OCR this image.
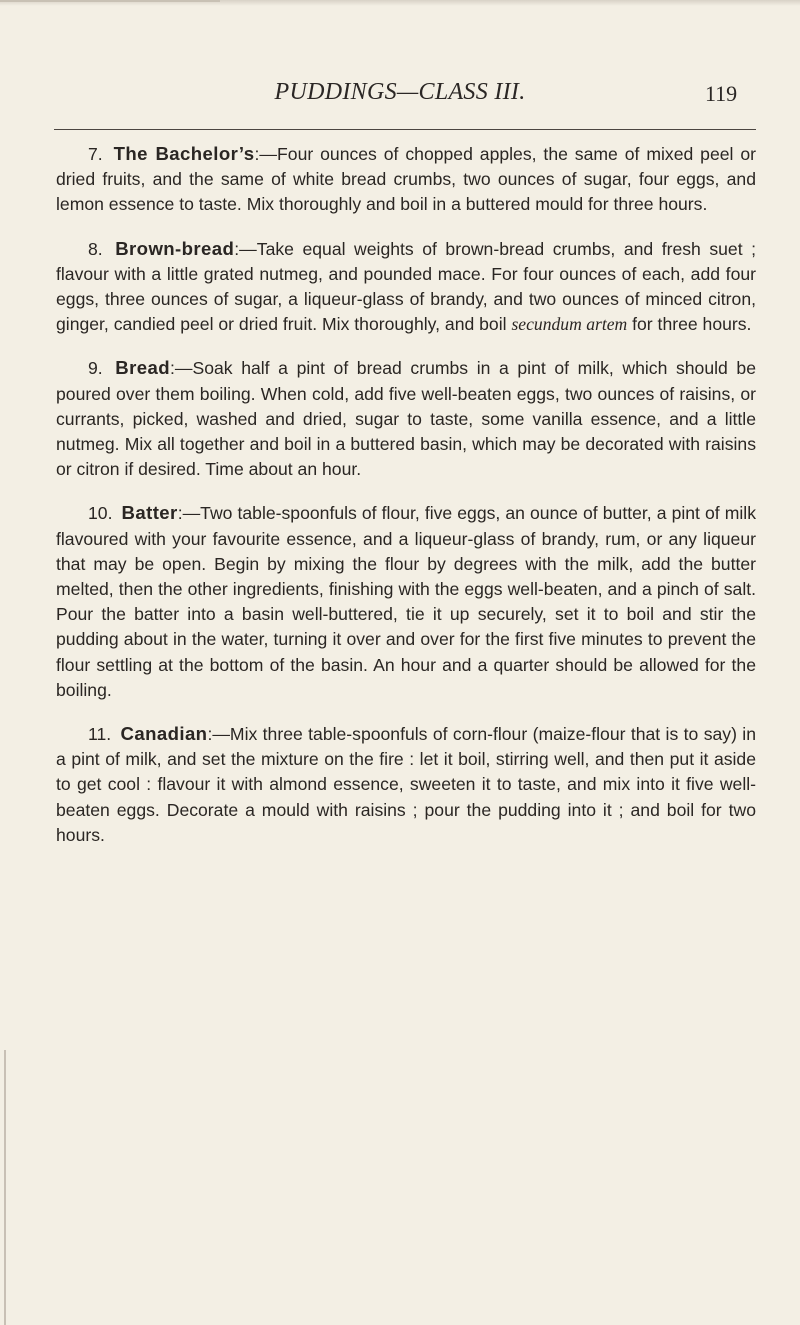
PUDDINGS—CLASS III.	119

7. The Bachelor’s:—Four ounces of chopped apples, the same of mixed peel or dried fruits, and the same of white bread crumbs, two ounces of sugar, four eggs, and lemon essence to taste. Mix thoroughly and boil in a buttered mould for three hours.

8. Brown-bread:—Take equal weights of brown-bread crumbs, and fresh suet ; flavour with a little grated nutmeg, and pounded mace. For four ounces of each, add four eggs, three ounces of sugar, a liqueur-glass of brandy, and two ounces of minced citron, ginger, candied peel or dried fruit. Mix thoroughly, and boil secundum artem for three hours.

9. Bread:—Soak half a pint of bread crumbs in a pint of milk, which should be poured over them boiling. When cold, add five well-beaten eggs, two ounces of raisins, or currants, picked, washed and dried, sugar to taste, some vanilla essence, and a little nutmeg. Mix all together and boil in a buttered basin, which may be decorated with raisins or citron if desired. Time about an hour.

10. Batter:—Two table-spoonfuls of flour, five eggs, an ounce of butter, a pint of milk flavoured with your favourite essence, and a liqueur-glass of brandy, rum, or any liqueur that may be open. Begin by mixing the flour by degrees with the milk, add the butter melted, then the other ingredients, finishing with the eggs well-beaten, and a pinch of salt. Pour the batter into a basin well-buttered, tie it up securely, set it to boil and stir the pudding about in the water, turning it over and over for the first five minutes to prevent the flour settling at the bottom of the basin. An hour and a quarter should be allowed for the boiling.

11. Canadian:—Mix three table-spoonfuls of corn-flour (maize-flour that is to say) in a pint of milk, and set the mixture on the fire : let it boil, stirring well, and then put it aside to get cool : flavour it with almond essence, sweeten it to taste, and mix into it five well-beaten eggs. Decorate a mould with raisins ; pour the pudding into it ; and boil for two hours.
